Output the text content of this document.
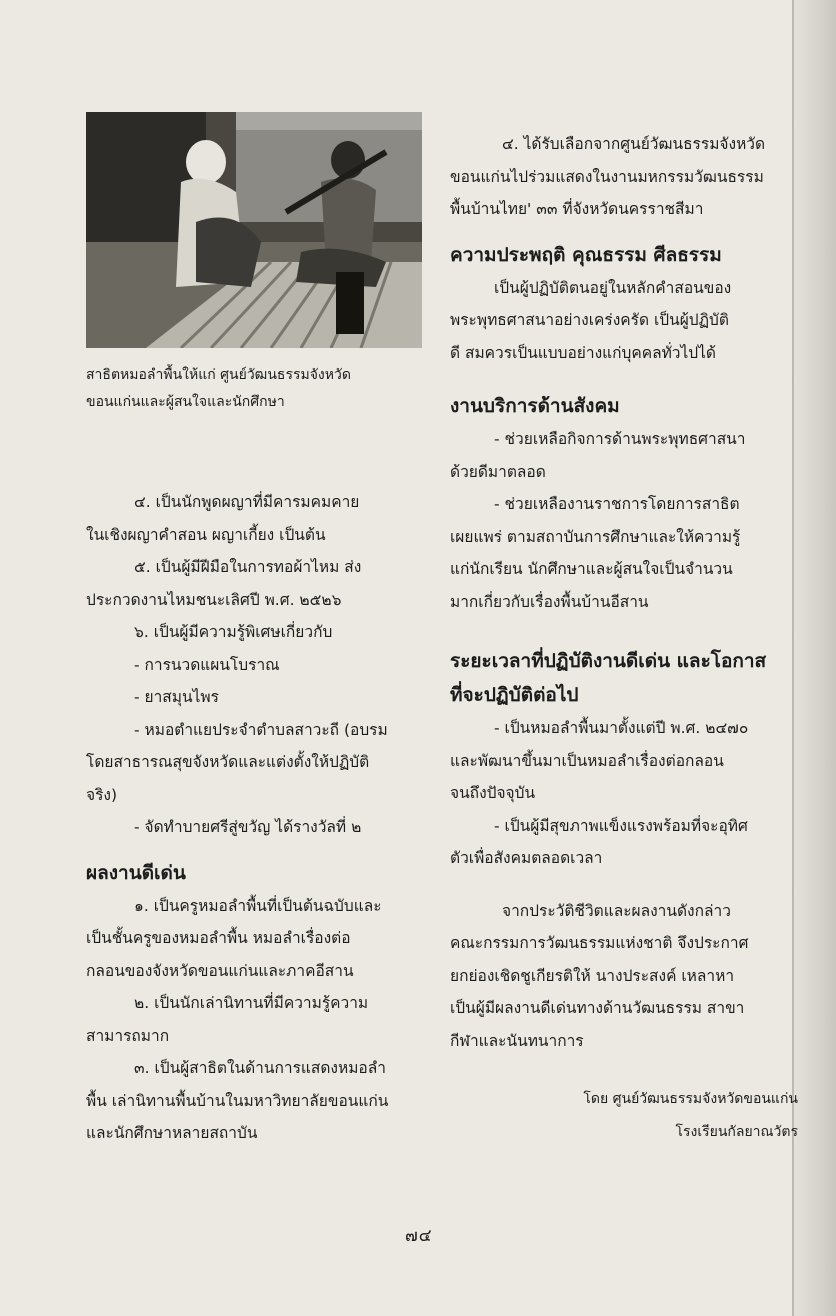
สาธิตหมอลำพื้นให้แก่ ศูนย์วัฒนธรรมจังหวัด
ขอนแก่นและผู้สนใจและนักศึกษา

๔. เป็นนักพูดผญาที่มีคารมคมคาย

ในเชิงผญาคำสอน ผญาเกี้ยง เป็นต้น

๕. เป็นผู้มีฝีมือในการทอผ้าไหม ส่ง

ประกวดงานไหมชนะเลิศปี พ.ศ. ๒๕๒๖

๖. เป็นผู้มีความรู้พิเศษเกี่ยวกับ

- การนวดแผนโบราณ

- ยาสมุนไพร

- หมอตำแยประจำตำบลสาวะถี (อบรม

โดยสาธารณสุขจังหวัดและแต่งตั้งให้ปฏิบัติ

จริง)

- จัดทำบายศรีสู่ขวัญ ได้รางวัลที่ ๒

ผลงานดีเด่น

๑. เป็นครูหมอลำพื้นที่เป็นต้นฉบับและ

เป็นชั้นครูของหมอลำพื้น หมอลำเรื่องต่อ

กลอนของจังหวัดขอนแก่นและภาคอีสาน

๒. เป็นนักเล่านิทานที่มีความรู้ความ

สามารถมาก

๓. เป็นผู้สาธิตในด้านการแสดงหมอลำ

พื้น เล่านิทานพื้นบ้านในมหาวิทยาลัยขอนแก่น

และนักศึกษาหลายสถาบัน

๔. ได้รับเลือกจากศูนย์วัฒนธรรมจังหวัด

ขอนแก่นไปร่วมแสดงในงานมหกรรมวัฒนธรรม

พื้นบ้านไทย' ๓๓ ที่จังหวัดนครราชสีมา

ความประพฤติ คุณธรรม ศีลธรรม

เป็นผู้ปฏิบัติตนอยู่ในหลักคำสอนของ

พระพุทธศาสนาอย่างเคร่งครัด เป็นผู้ปฏิบัติ

ดี สมควรเป็นแบบอย่างแก่บุคคลทั่วไปได้

งานบริการด้านสังคม

- ช่วยเหลือกิจการด้านพระพุทธศาสนา

ด้วยดีมาตลอด

- ช่วยเหลืองานราชการโดยการสาธิต

เผยแพร่ ตามสถาบันการศึกษาและให้ความรู้

แก่นักเรียน นักศึกษาและผู้สนใจเป็นจำนวน

มากเกี่ยวกับเรื่องพื้นบ้านอีสาน

ระยะเวลาที่ปฏิบัติงานดีเด่น และโอกาส

ที่จะปฏิบัติต่อไป

- เป็นหมอลำพื้นมาตั้งแต่ปี พ.ศ. ๒๔๗๐

และพัฒนาขึ้นมาเป็นหมอลำเรื่องต่อกลอน

จนถึงปัจจุบัน

- เป็นผู้มีสุขภาพแข็งแรงพร้อมที่จะอุทิศ

ตัวเพื่อสังคมตลอดเวลา

จากประวัติชีวิตและผลงานดังกล่าว

คณะกรรมการวัฒนธรรมแห่งชาติ จึงประกาศ

ยกย่องเชิดชูเกียรติให้ นางประสงค์ เหลาหา

เป็นผู้มีผลงานดีเด่นทางด้านวัฒนธรรม สาขา

กีฬาและนันทนาการ

โดย ศูนย์วัฒนธรรมจังหวัดขอนแก่น

โรงเรียนกัลยาณวัตร

๗๔
